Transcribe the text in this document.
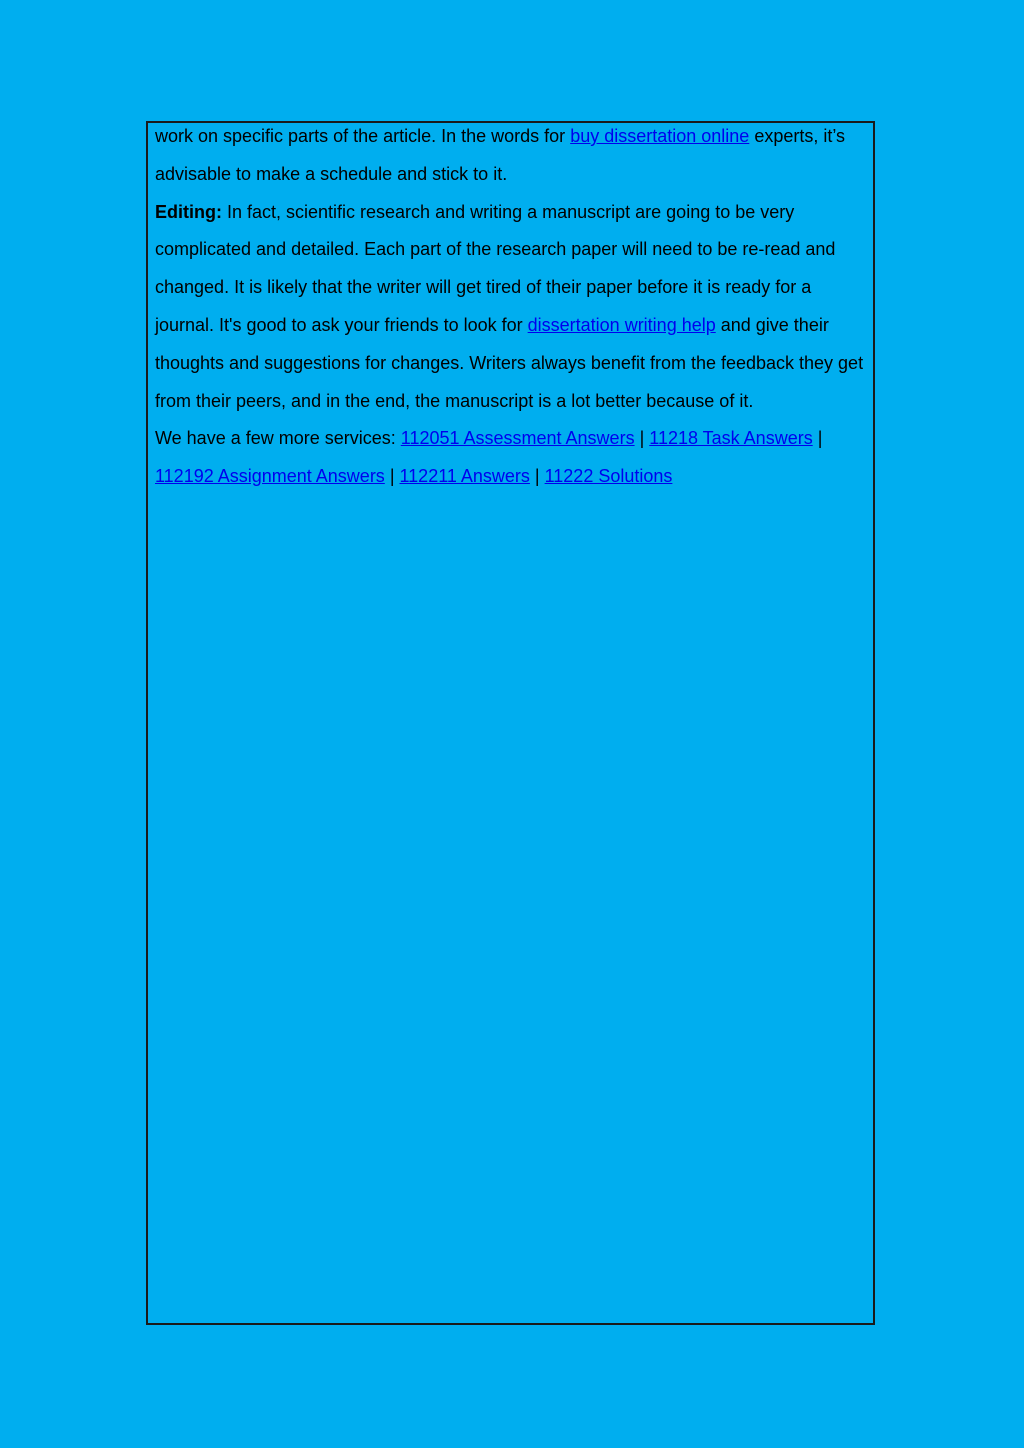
work on specific parts of the article. In the words for buy dissertation online experts, it’s advisable to make a schedule and stick to it.

Editing: In fact, scientific research and writing a manuscript are going to be very complicated and detailed. Each part of the research paper will need to be re-read and changed. It is likely that the writer will get tired of their paper before it is ready for a journal. It's good to ask your friends to look for dissertation writing help and give their thoughts and suggestions for changes. Writers always benefit from the feedback they get from their peers, and in the end, the manuscript is a lot better because of it.

We have a few more services: 112051 Assessment Answers | 11218 Task Answers | 112192 Assignment Answers | 112211 Answers | 11222 Solutions
